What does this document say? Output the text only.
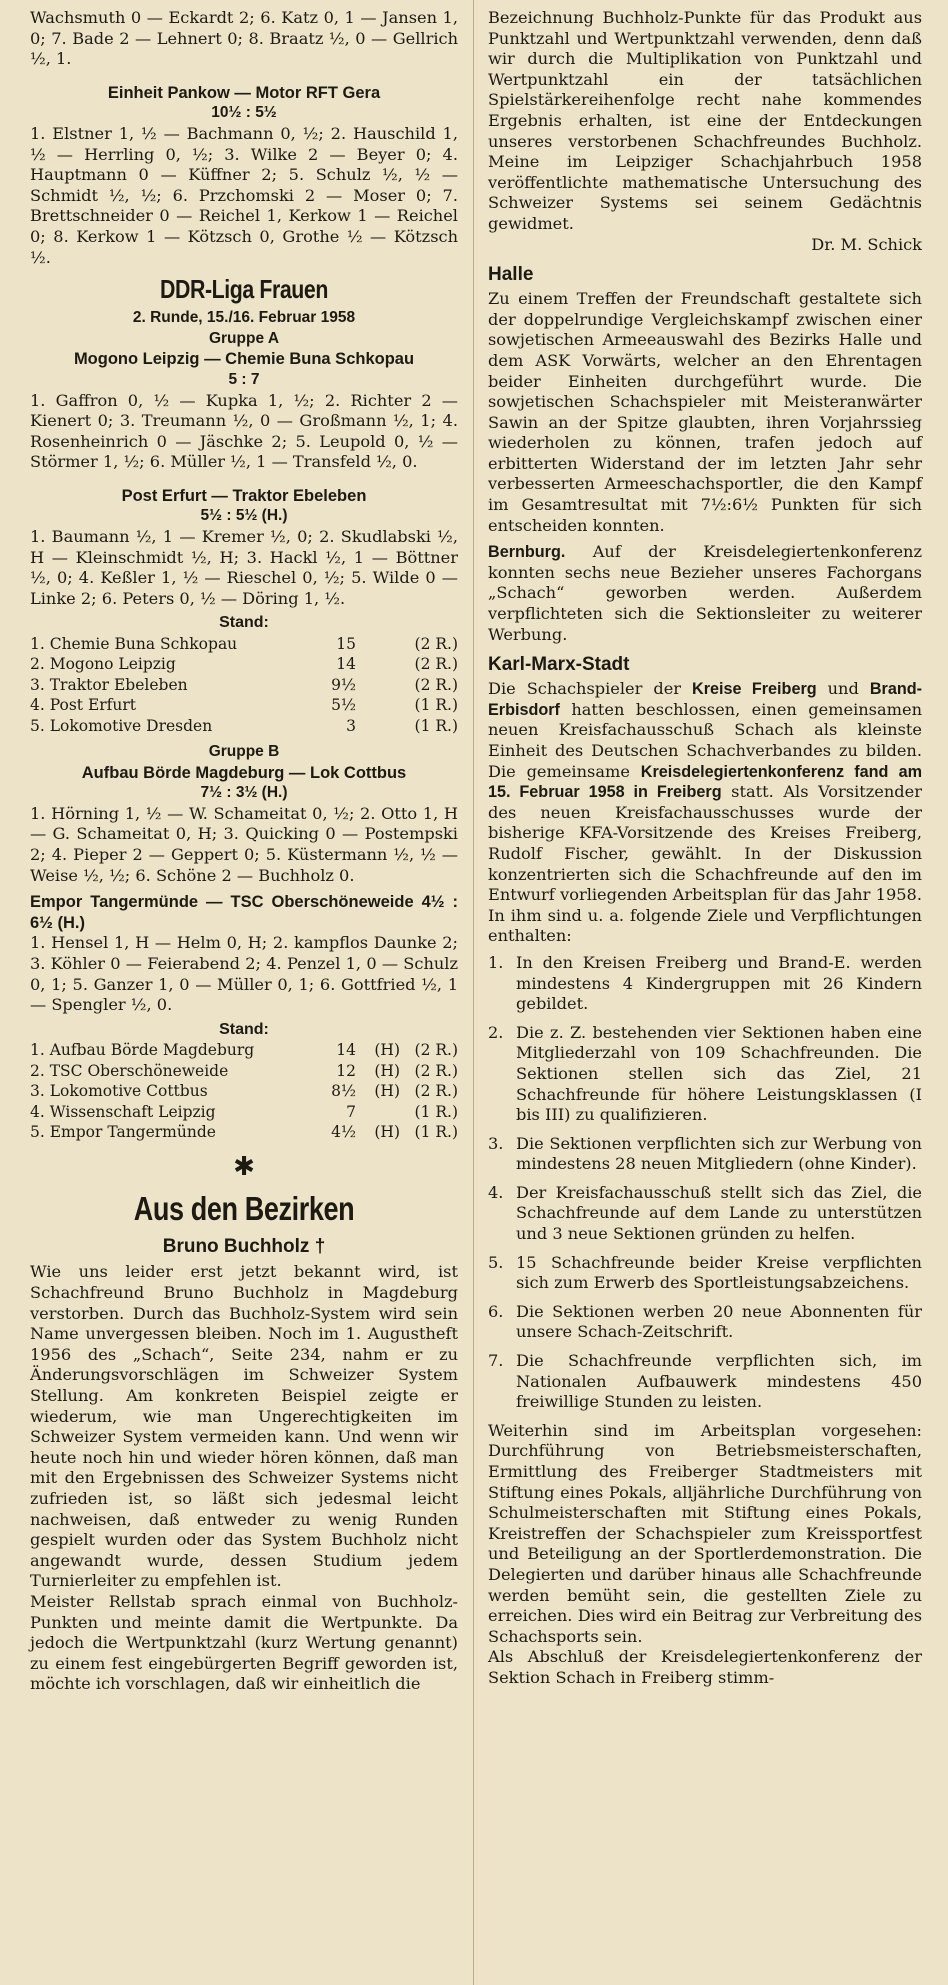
Wachsmuth 0 — Eckardt 2; 6. Katz 0, 1 — Jansen 1, 0; 7. Bade 2 — Lehnert 0; 8. Braatz ½, 0 — Gellrich ½, 1.

Einheit Pankow — Motor RFT Gera
10½ : 5½

1. Elstner 1, ½ — Bachmann 0, ½; 2. Hauschild 1, ½ — Herrling 0, ½; 3. Wilke 2 — Beyer 0; 4. Hauptmann 0 — Küffner 2; 5. Schulz ½, ½ — Schmidt ½, ½; 6. Przchomski 2 — Moser 0; 7. Brettschneider 0 — Reichel 1, Kerkow 1 — Reichel 0; 8. Kerkow 1 — Kötzsch 0, Grothe ½ — Kötzsch ½.

DDR-Liga Frauen
2. Runde, 15./16. Februar 1958
Gruppe A
Mogono Leipzig — Chemie Buna Schkopau
5 : 7

1. Gaffron 0, ½ — Kupka 1, ½; 2. Richter 2 — Kienert 0; 3. Treumann ½, 0 — Großmann ½, 1; 4. Rosenheinrich 0 — Jäschke 2; 5. Leupold 0, ½ — Störmer 1, ½; 6. Müller ½, 1 — Transfeld ½, 0.

Post Erfurt — Traktor Ebeleben
5½ : 5½ (H.)

1. Baumann ½, 1 — Kremer ½, 0; 2. Skudlabski ½, H — Kleinschmidt ½, H; 3. Hackl ½, 1 — Böttner ½, 0; 4. Keßler 1, ½ — Rieschel 0, ½; 5. Wilde 0 — Linke 2; 6. Peters 0, ½ — Döring 1, ½.

Stand:
1. Chemie Buna Schkopau	15		(2 R.)
2. Mogono Leipzig	14		(2 R.)
3. Traktor Ebeleben	9½		(2 R.)
4. Post Erfurt	5½		(1 R.)
5. Lokomotive Dresden	3		(1 R.)
Gruppe B
Aufbau Börde Magdeburg — Lok Cottbus
7½ : 3½ (H.)

1. Hörning 1, ½ — W. Schameitat 0, ½; 2. Otto 1, H — G. Schameitat 0, H; 3. Quicking 0 — Postempski 2; 4. Pieper 2 — Geppert 0; 5. Küstermann ½, ½ — Weise ½, ½; 6. Schöne 2 — Buchholz 0.

Empor Tangermünde — TSC Oberschöneweide 4½ : 6½ (H.)

1. Hensel 1, H — Helm 0, H; 2. kampflos Daunke 2; 3. Köhler 0 — Feierabend 2; 4. Penzel 1, 0 — Schulz 0, 1; 5. Ganzer 1, 0 — Müller 0, 1; 6. Gottfried ½, 1 — Spengler ½, 0.

Stand:
1. Aufbau Börde Magdeburg	14	(H)	(2 R.)
2. TSC Oberschöneweide	12	(H)	(2 R.)
3. Lokomotive Cottbus	8½	(H)	(2 R.)
4. Wissenschaft Leipzig	7		(1 R.)
5. Empor Tangermünde	4½	(H)	(1 R.)
✱
Aus den Bezirken
Bruno Buchholz †

Wie uns leider erst jetzt bekannt wird, ist Schachfreund Bruno Buchholz in Magdeburg verstorben. Durch das Buchholz-System wird sein Name unvergessen bleiben. Noch im 1. Augustheft 1956 des „Schach“, Seite 234, nahm er zu Änderungsvorschlägen im Schweizer System Stellung. Am konkreten Beispiel zeigte er wiederum, wie man Ungerechtigkeiten im Schweizer System vermeiden kann. Und wenn wir heute noch hin und wieder hören können, daß man mit den Ergebnissen des Schweizer Systems nicht zufrieden ist, so läßt sich jedesmal leicht nachweisen, daß entweder zu wenig Runden gespielt wurden oder das System Buchholz nicht angewandt wurde, dessen Studium jedem Turnierleiter zu empfehlen ist.

Meister Rellstab sprach einmal von Buchholz-Punkten und meinte damit die Wertpunkte. Da jedoch die Wertpunktzahl (kurz Wertung genannt) zu einem fest eingebürgerten Begriff geworden ist, möchte ich vorschlagen, daß wir einheitlich die

Bezeichnung Buchholz-Punkte für das Produkt aus Punktzahl und Wertpunktzahl verwenden, denn daß wir durch die Multiplikation von Punktzahl und Wertpunktzahl ein der tatsächlichen Spielstärkereihenfolge recht nahe kommendes Ergebnis erhalten, ist eine der Entdeckungen unseres verstorbenen Schachfreundes Buchholz. Meine im Leipziger Schachjahrbuch 1958 veröffentlichte mathematische Untersuchung des Schweizer Systems sei seinem Gedächtnis gewidmet.

Dr. M. Schick

Halle

Zu einem Treffen der Freundschaft gestaltete sich der doppelrundige Vergleichskampf zwischen einer sowjetischen Armeeauswahl des Bezirks Halle und dem ASK Vorwärts, welcher an den Ehrentagen beider Einheiten durchgeführt wurde. Die sowjetischen Schachspieler mit Meisteranwärter Sawin an der Spitze glaubten, ihren Vorjahrssieg wiederholen zu können, trafen jedoch auf erbitterten Widerstand der im letzten Jahr sehr verbesserten Armeeschachsportler, die den Kampf im Gesamtresultat mit 7½:6½ Punkten für sich entscheiden konnten.

Bernburg. Auf der Kreisdelegiertenkonferenz konnten sechs neue Bezieher unseres Fachorgans „Schach“ geworben werden. Außerdem verpflichteten sich die Sektionsleiter zu weiterer Werbung.

Karl-Marx-Stadt

Die Schachspieler der Kreise Freiberg und Brand-Erbisdorf hatten beschlossen, einen gemeinsamen neuen Kreisfachausschuß Schach als kleinste Einheit des Deutschen Schachverbandes zu bilden. Die gemeinsame Kreisdelegiertenkonferenz fand am 15. Februar 1958 in Freiberg statt. Als Vorsitzender des neuen Kreisfachausschusses wurde der bisherige KFA-Vorsitzende des Kreises Freiberg, Rudolf Fischer, gewählt. In der Diskussion konzentrierten sich die Schachfreunde auf den im Entwurf vorliegenden Arbeitsplan für das Jahr 1958. In ihm sind u. a. folgende Ziele und Verpflichtungen enthalten:

1. In den Kreisen Freiberg und Brand-E. werden mindestens 4 Kindergruppen mit 26 Kindern gebildet.
2. Die z. Z. bestehenden vier Sektionen haben eine Mitgliederzahl von 109 Schachfreunden. Die Sektionen stellen sich das Ziel, 21 Schachfreunde für höhere Leistungsklassen (I bis III) zu qualifizieren.
3. Die Sektionen verpflichten sich zur Werbung von mindestens 28 neuen Mitgliedern (ohne Kinder).
4. Der Kreisfachausschuß stellt sich das Ziel, die Schachfreunde auf dem Lande zu unterstützen und 3 neue Sektionen gründen zu helfen.
5. 15 Schachfreunde beider Kreise verpflichten sich zum Erwerb des Sportleistungsabzeichens.
6. Die Sektionen werben 20 neue Abonnenten für unsere Schach-Zeitschrift.
7. Die Schachfreunde verpflichten sich, im Nationalen Aufbauwerk mindestens 450 freiwillige Stunden zu leisten.

Weiterhin sind im Arbeitsplan vorgesehen: Durchführung von Betriebsmeisterschaften, Ermittlung des Freiberger Stadtmeisters mit Stiftung eines Pokals, alljährliche Durchführung von Schulmeisterschaften mit Stiftung eines Pokals, Kreistreffen der Schachspieler zum Kreissportfest und Beteiligung an der Sportlerdemonstration. Die Delegierten und darüber hinaus alle Schachfreunde werden bemüht sein, die gestellten Ziele zu erreichen. Dies wird ein Beitrag zur Verbreitung des Schachsports sein.

Als Abschluß der Kreisdelegiertenkonferenz der Sektion Schach in Freiberg stimm-
